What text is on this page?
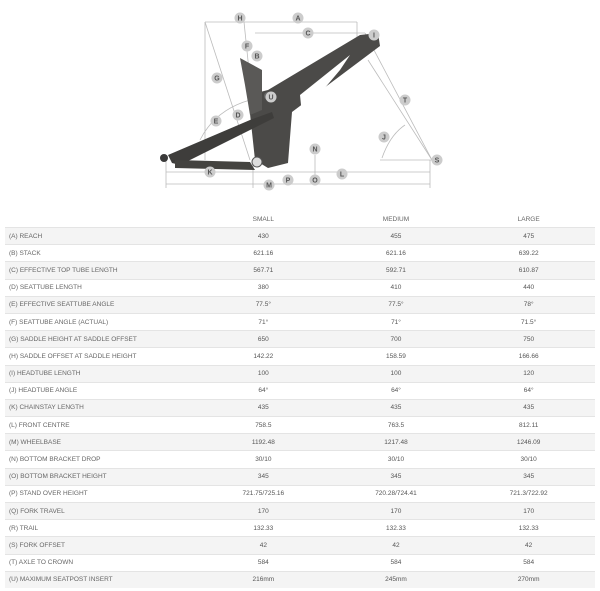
A
B
C
D
E
F
G
H
I
J
K	L
M
N
O
P
S
T
U
	SMALL	MEDIUM	LARGE
(A) REACH	430	455	475
(B) STACK	621.16	621.16	639.22
(C) EFFECTIVE TOP TUBE LENGTH	567.71	592.71	610.87
(D) SEATTUBE LENGTH	380	410	440
(E) EFFECTIVE SEATTUBE ANGLE	77.5°	77.5°	78°
(F) SEATTUBE ANGLE (ACTUAL)	71°	71°	71.5°
(G) SADDLE HEIGHT AT SADDLE OFFSET	650	700	750
(H) SADDLE OFFSET AT SADDLE HEIGHT	142.22	158.59	166.66
(I) HEADTUBE LENGTH	100	100	120
(J) HEADTUBE ANGLE	64°	64°	64°
(K) CHAINSTAY LENGTH	435	435	435
(L) FRONT CENTRE	758.5	763.5	812.11
(M) WHEELBASE	1192.48	1217.48	1246.09
(N) BOTTOM BRACKET DROP	30/10	30/10	30/10
(O) BOTTOM BRACKET HEIGHT	345	345	345
(P) STAND OVER HEIGHT	721.75/725.16	720.28/724.41	721.3/722.92
(Q) FORK TRAVEL	170	170	170
(R) TRAIL	132.33	132.33	132.33
(S) FORK OFFSET	42	42	42
(T) AXLE TO CROWN	584	584	584
(U) MAXIMUM SEATPOST INSERT	216mm	245mm	270mm
